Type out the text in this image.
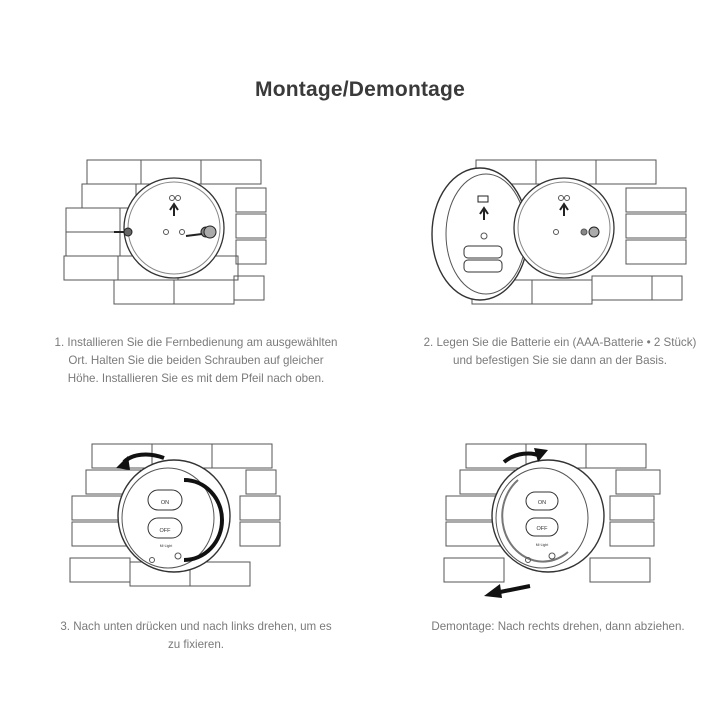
Montage/Demontage
ON
OFF
Mi·Light
ON
OFF
Mi·Light
1. Installieren Sie die Fernbedienung am ausgewählten
Ort. Halten Sie die beiden Schrauben auf gleicher
Höhe. Installieren Sie es mit dem Pfeil nach oben.
2. Legen Sie die Batterie ein (AAA-Batterie • 2 Stück)
und befestigen Sie sie dann an der Basis.
3. Nach unten drücken und nach links drehen, um es
zu fixieren.
Demontage: Nach rechts drehen, dann abziehen.
